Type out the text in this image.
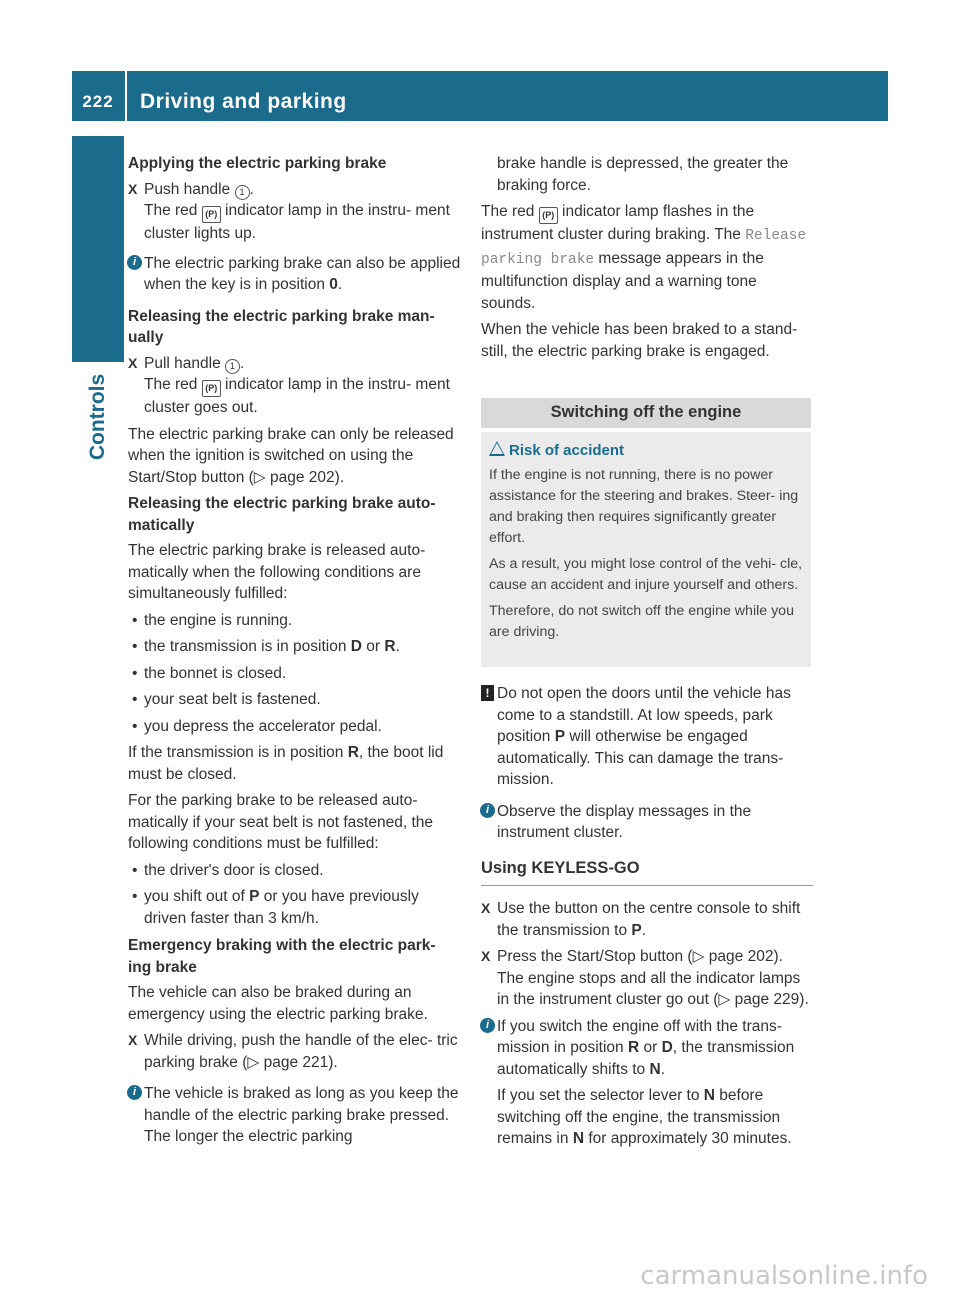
222	Driving and parking
Controls

Applying the electric parking brake

X Push handle 1 .

The red (P) indicator lamp in the instru- ment cluster lights up.

i The electric parking brake can also be applied when the key is in position 0.

Releasing the electric parking brake man- ually

X Pull handle 1 .

The red (P) indicator lamp in the instru- ment cluster goes out.

The electric parking brake can only be released when the ignition is switched on using the Start/Stop button (▷ page 202).

Releasing the electric parking brake auto- matically

The electric parking brake is released auto- matically when the following conditions are simultaneously fulfilled:

• the engine is running.

• the transmission is in position D or R.

• the bonnet is closed.

• your seat belt is fastened.

• you depress the accelerator pedal.

If the transmission is in position R, the boot lid must be closed.

For the parking brake to be released auto- matically if your seat belt is not fastened, the following conditions must be fulfilled:

• the driver's door is closed.

• you shift out of P or you have previously driven faster than 3 km/h.

Emergency braking with the electric park- ing brake

The vehicle can also be braked during an emergency using the electric parking brake.

X While driving, push the handle of the elec- tric parking brake (▷ page 221).

i The vehicle is braked as long as you keep the handle of the electric parking brake pressed. The longer the electric parking

brake handle is depressed, the greater the braking force.

The red (P) indicator lamp flashes in the instrument cluster during braking. The Release parking brake message appears in the multifunction display and a warning tone sounds.

When the vehicle has been braked to a stand- still, the electric parking brake is engaged.

Switching off the engine
Risk of accident

If the engine is not running, there is no power assistance for the steering and brakes. Steer- ing and braking then requires significantly greater effort.

As a result, you might lose control of the vehi- cle, cause an accident and injure yourself and others.

Therefore, do not switch off the engine while you are driving.

! Do not open the doors until the vehicle has come to a standstill. At low speeds, park position P will otherwise be engaged automatically. This can damage the trans- mission.

i Observe the display messages in the instrument cluster.

Using KEYLESS-GO

X Use the button on the centre console to shift the transmission to P.

X Press the Start/Stop button (▷ page 202). The engine stops and all the indicator lamps in the instrument cluster go out (▷ page 229).

i If you switch the engine off with the trans- mission in position R or D, the transmission automatically shifts to N.

If you set the selector lever to N before switching off the engine, the transmission remains in N for approximately 30 minutes.

carmanualsonline.info
